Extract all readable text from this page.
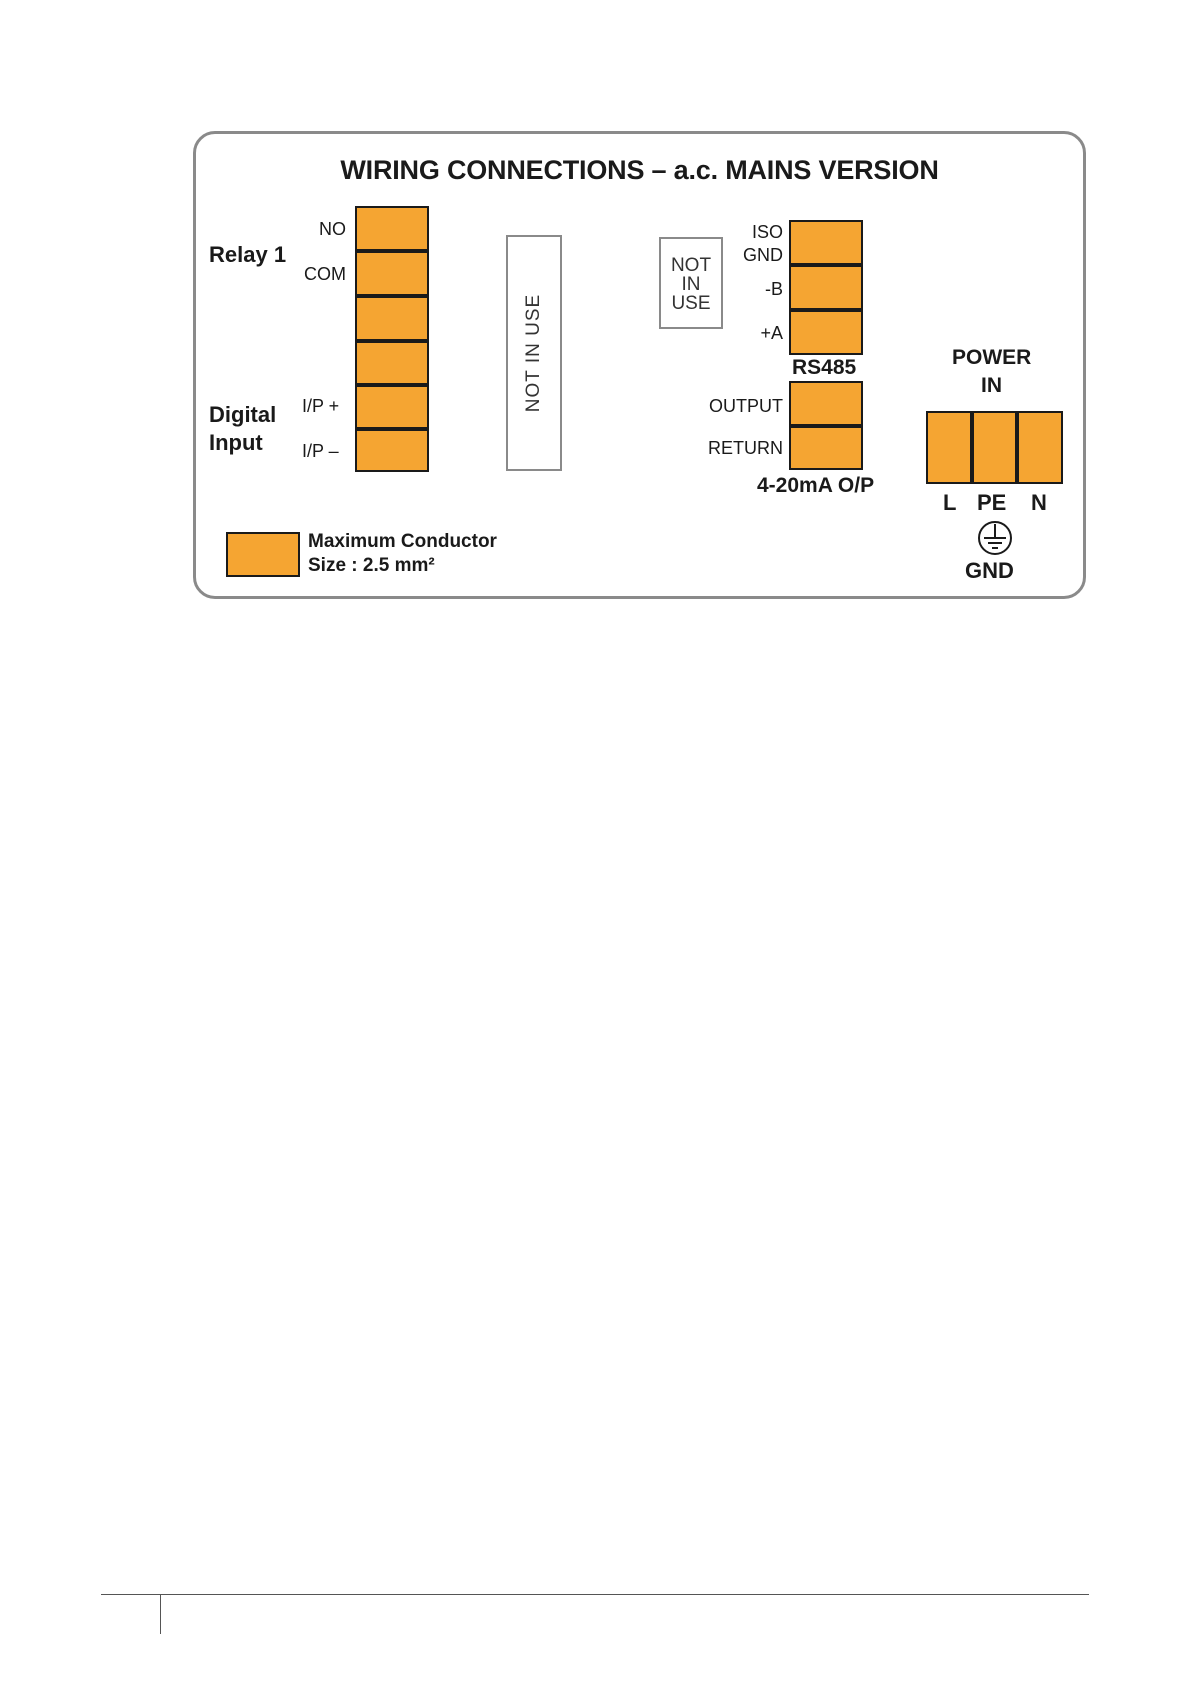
WIRING CONNECTIONS – a.c. MAINS VERSION
NO
COM
Relay 1
I/P +
I/P –
Digital
Input
NOT IN USE
NOT
IN
USE
ISO
GND
-B
+A
RS485
OUTPUT
RETURN
4-20mA O/P
POWER
IN
L PE N
GND
Maximum Conductor
Size : 2.5 mm²
